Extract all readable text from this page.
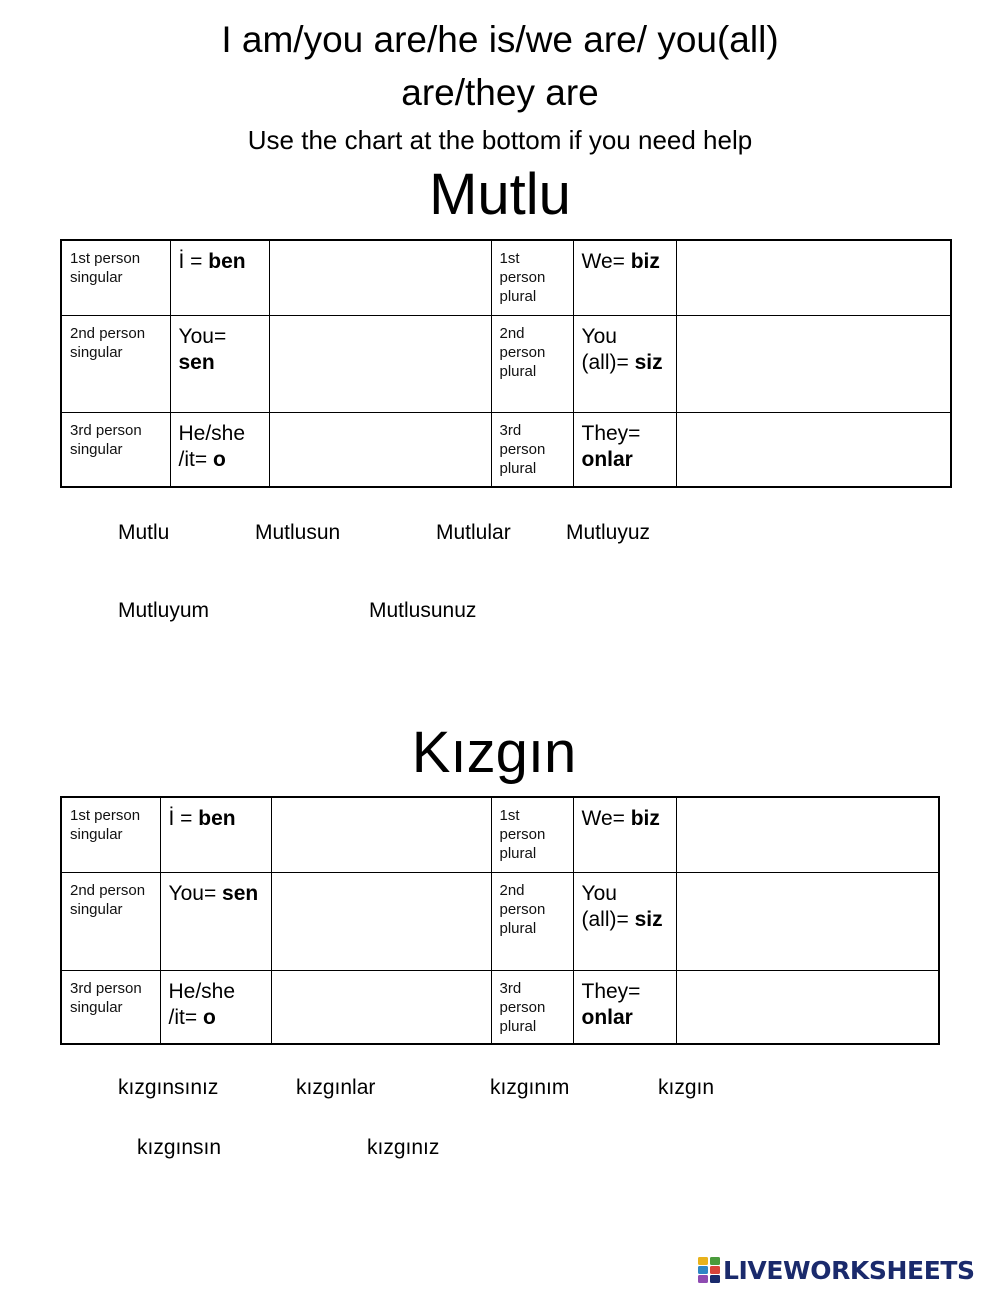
I am/you are/he is/we are/ you(all)
are/they are
Use the chart at the bottom if you need help
Mutlu
1st person singular	İ = ben		1st person plural	We= biz	
2nd person singular	You= sen		2nd person plural	You (all)= siz	
3rd person singular	He/she /it= o		3rd person plural	They= onlar	
Mutlu	Mutlusun	Mutlular	Mutluyuz
Mutluyum	Mutlusunuz
Kızgın
1st person singular	İ = ben		1st person plural	We= biz	
2nd person singular	You= sen		2nd person plural	You (all)= siz	
3rd person singular	He/she /it= o		3rd person plural	They= onlar	
kızgınsınız	kızgınlar	kızgınım	kızgın
kızgınsın	kızgınız
LIVEWORKSHEETS
